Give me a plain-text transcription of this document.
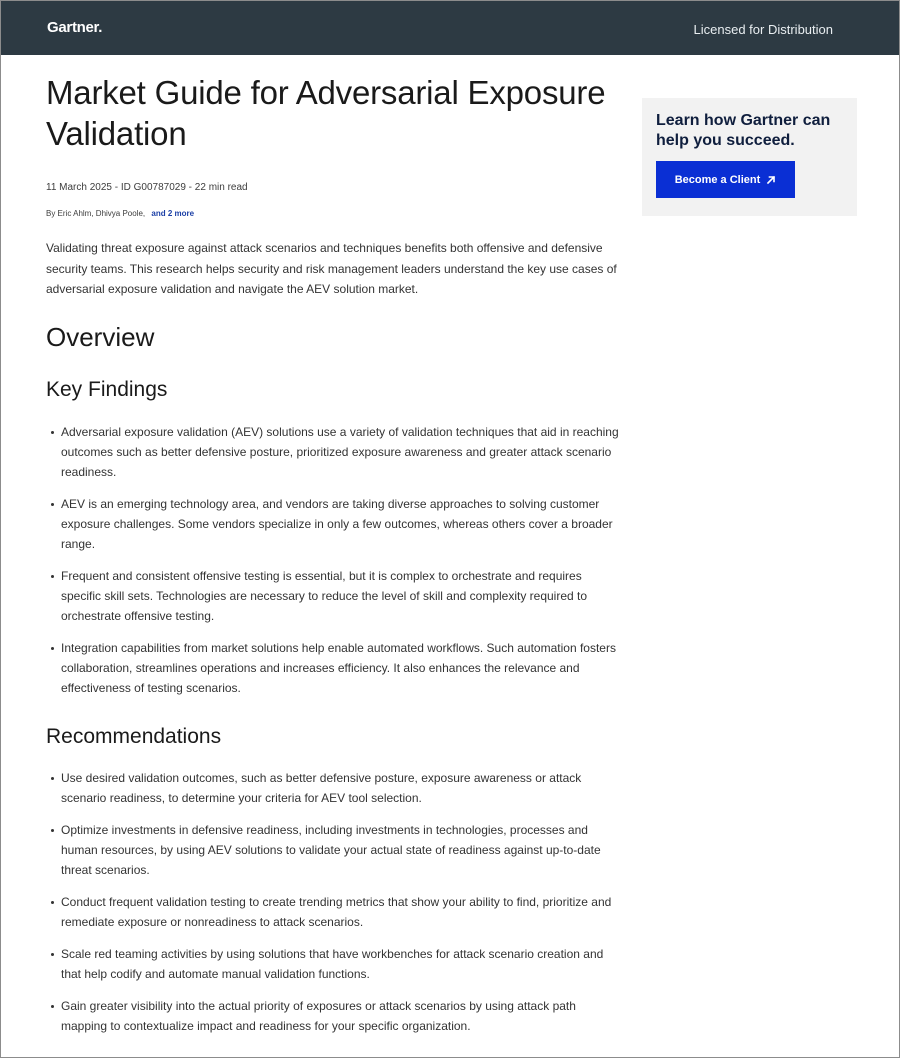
Gartner.	Licensed for Distribution
Market Guide for Adversarial Exposure Validation
11 March 2025 - ID G00787029 - 22 min read
By Eric Ahlm, Dhivya Poole, and 2 more

Validating threat exposure against attack scenarios and techniques benefits both offensive and defensive security teams. This research helps security and risk management leaders understand the key use cases of adversarial exposure validation and navigate the AEV solution market.

Overview
Key Findings
Adversarial exposure validation (AEV) solutions use a variety of validation techniques that aid in reaching outcomes such as better defensive posture, prioritized exposure awareness and greater attack scenario readiness.
AEV is an emerging technology area, and vendors are taking diverse approaches to solving customer exposure challenges. Some vendors specialize in only a few outcomes, whereas others cover a broader range.
Frequent and consistent offensive testing is essential, but it is complex to orchestrate and requires specific skill sets. Technologies are necessary to reduce the level of skill and complexity required to orchestrate offensive testing.
Integration capabilities from market solutions help enable automated workflows. Such automation fosters collaboration, streamlines operations and increases efficiency. It also enhances the relevance and effectiveness of testing scenarios.
Recommendations
Use desired validation outcomes, such as better defensive posture, exposure awareness or attack scenario readiness, to determine your criteria for AEV tool selection.
Optimize investments in defensive readiness, including investments in technologies, processes and human resources, by using AEV solutions to validate your actual state of readiness against up-to-date threat scenarios.
Conduct frequent validation testing to create trending metrics that show your ability to find, prioritize and remediate exposure or nonreadiness to attack scenarios.
Scale red teaming activities by using solutions that have workbenches for attack scenario creation and that help codify and automate manual validation functions.
Gain greater visibility into the actual priority of exposures or attack scenarios by using attack path mapping to contextualize impact and readiness for your specific organization.
Learn how Gartner can help you succeed.
Become a Client
